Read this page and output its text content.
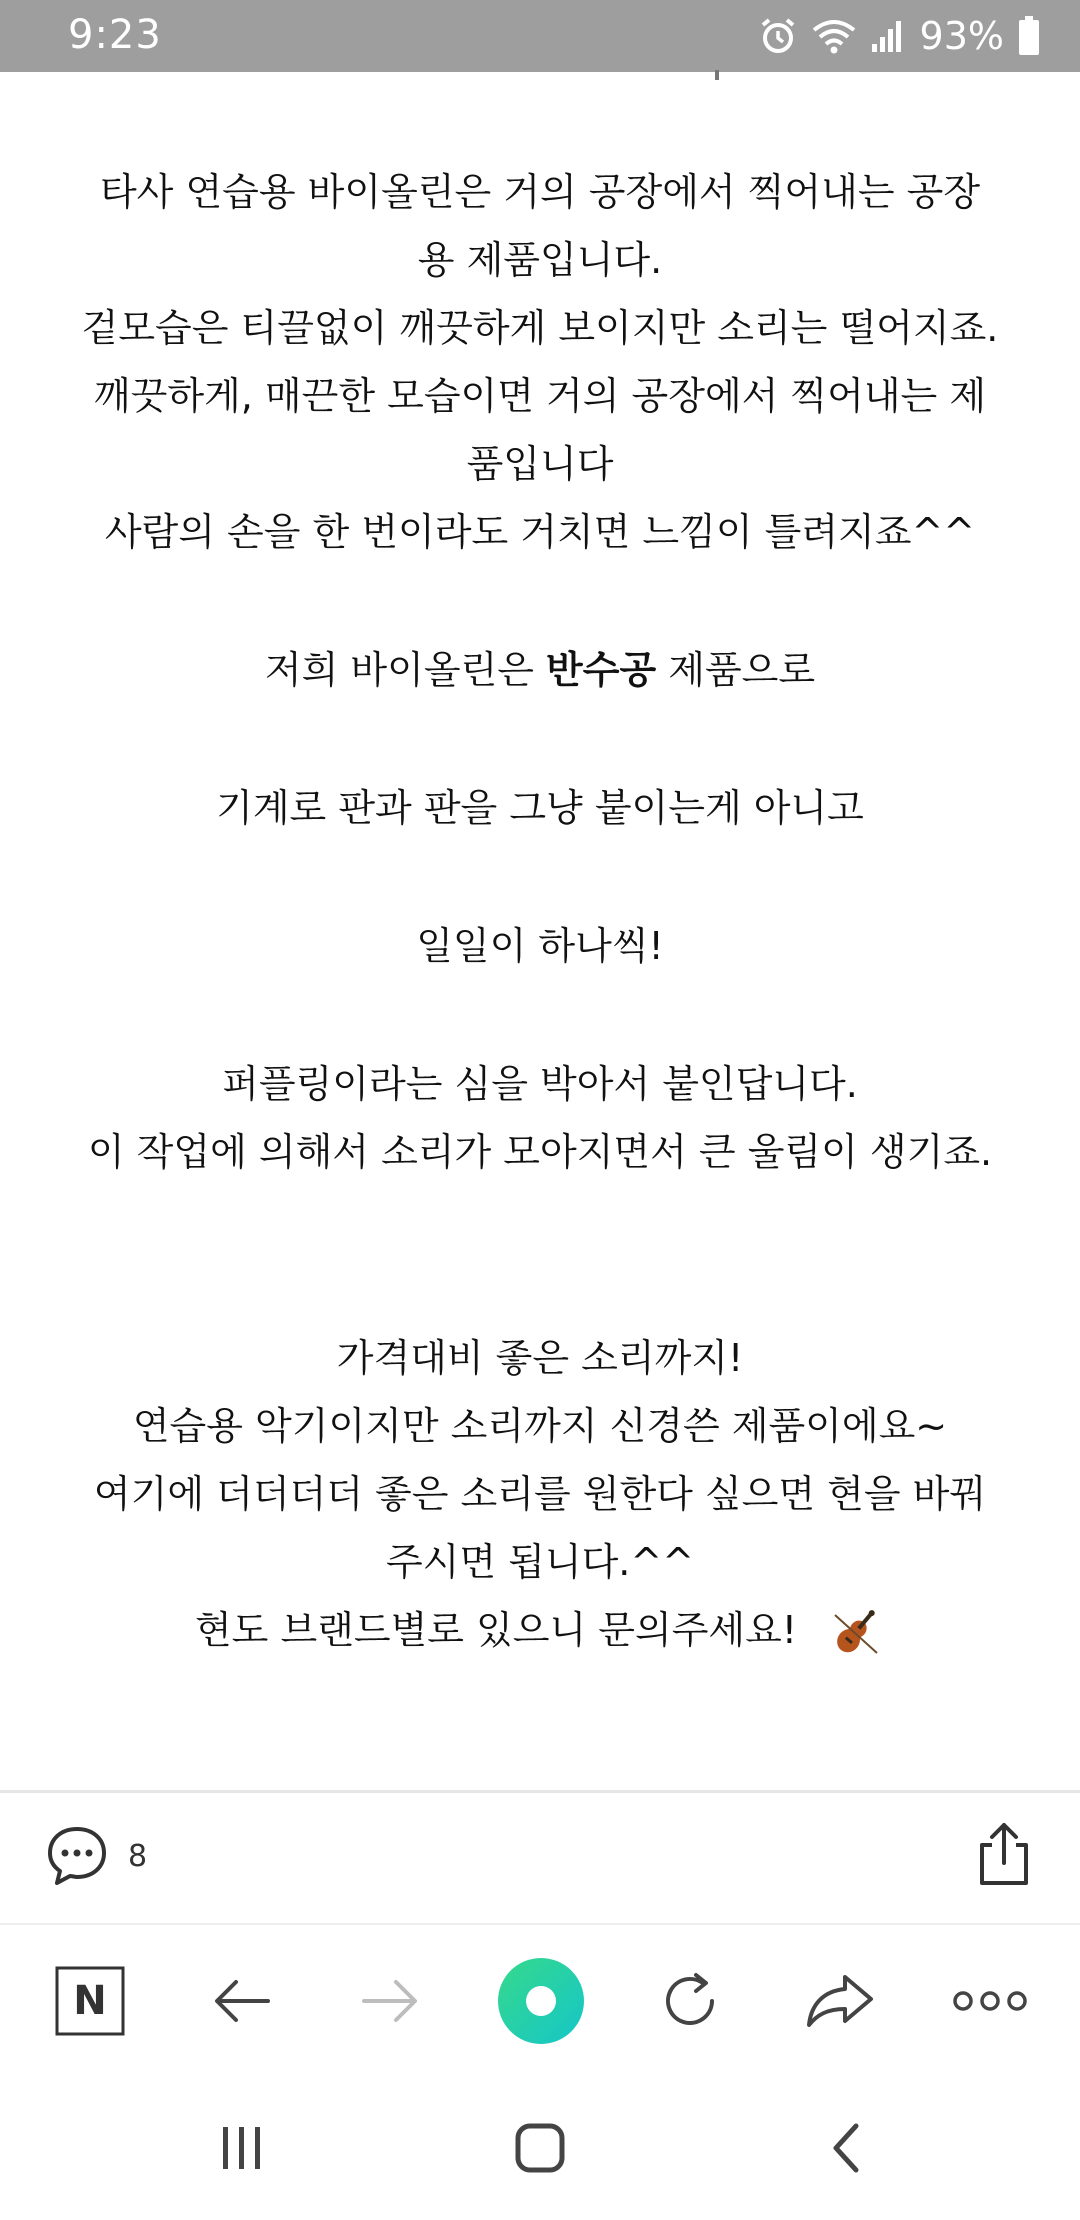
9:23	93%

타사 연습용 바이올린은 거의 공장에서 찍어내는 공장
용 제품입니다.
겉모습은 티끌없이 깨끗하게 보이지만 소리는 떨어지죠.
깨끗하게, 매끈한 모습이면 거의 공장에서 찍어내는 제
품입니다
사람의 손을 한 번이라도 거치면 느낌이 틀려지죠^^

저희 바이올린은 반수공 제품으로

기계로 판과 판을 그냥 붙이는게 아니고

일일이 하나씩!

퍼플링이라는 심을 박아서 붙인답니다.
이 작업에 의해서 소리가 모아지면서 큰 울림이 생기죠.

가격대비 좋은 소리까지!
연습용 악기이지만 소리까지 신경쓴 제품이에요~
여기에 더더더더 좋은 소리를 원한다 싶으면 현을 바꿔
주시면 됩니다.^^
현도 브랜드별로 있으니 문의주세요!

8
N
